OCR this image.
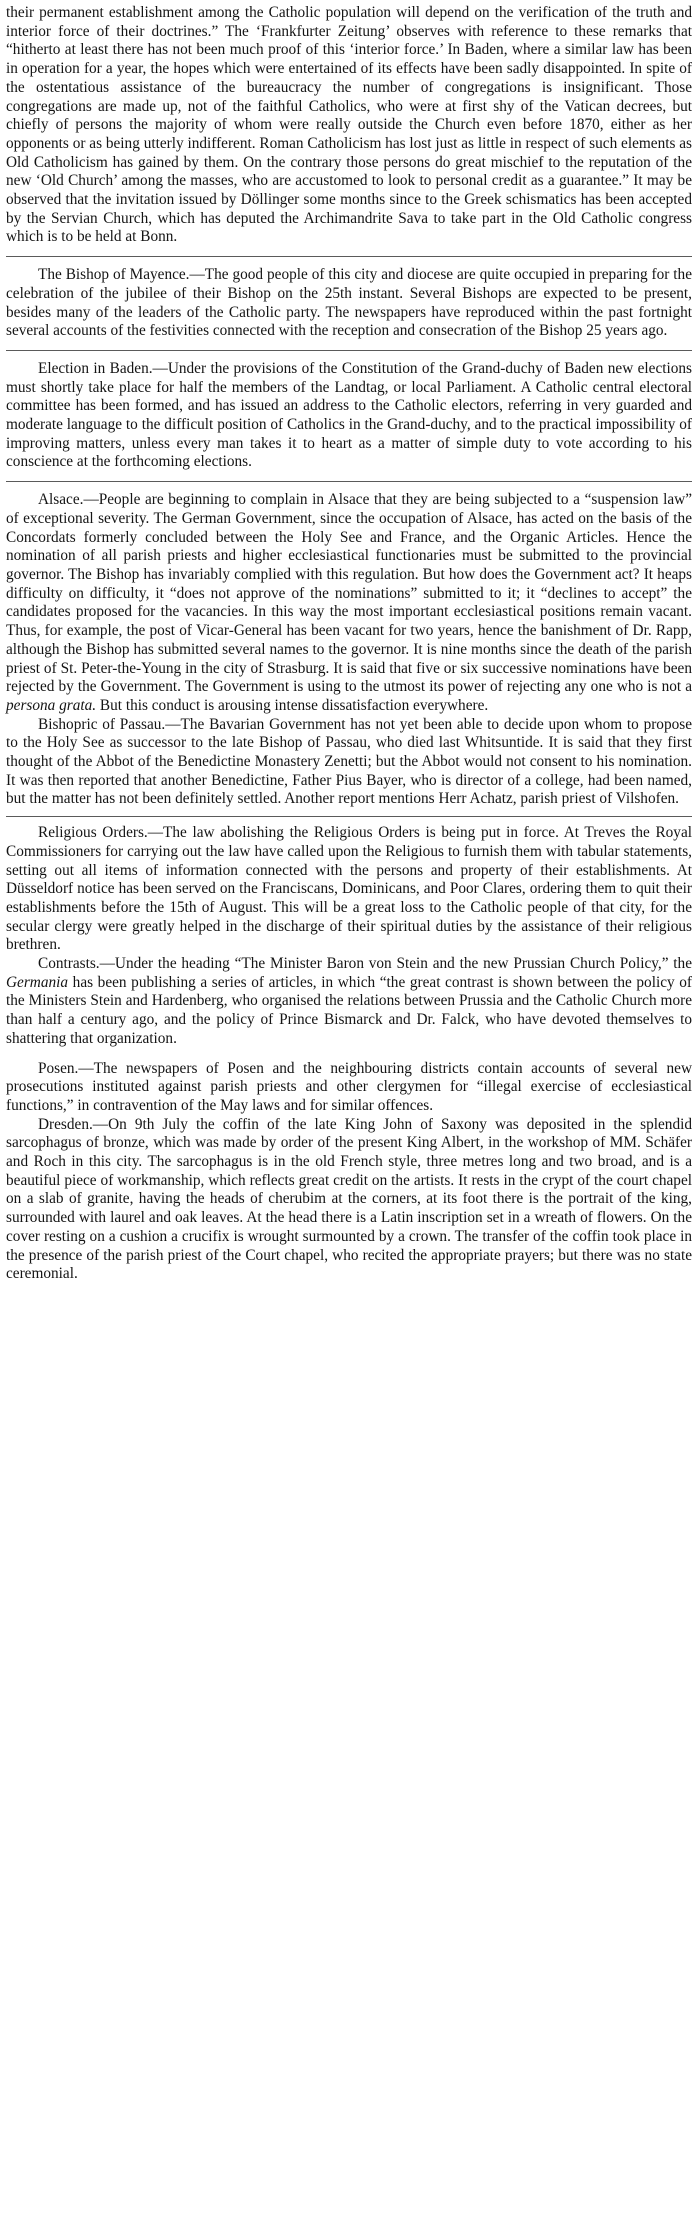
their permanent establishment among the Catholic population will depend on the verification of the truth and interior force of their doctrines.” The ‘Frankfurter Zeitung’ observes with reference to these remarks that “hitherto at least there has not been much proof of this ‘interior force.’ In Baden, where a similar law has been in operation for a year, the hopes which were entertained of its effects have been sadly disappointed. In spite of the ostentatious assistance of the bureaucracy the number of congregations is insignificant. Those congregations are made up, not of the faithful Catholics, who were at first shy of the Vatican decrees, but chiefly of persons the majority of whom were really outside the Church even before 1870, either as her opponents or as being utterly indifferent. Roman Catholicism has lost just as little in respect of such elements as Old Catholicism has gained by them. On the contrary those persons do great mischief to the reputation of the new ‘Old Church’ among the masses, who are accustomed to look to personal credit as a guarantee.” It may be observed that the invitation issued by Döllinger some months since to the Greek schismatics has been accepted by the Servian Church, which has deputed the Archimandrite Sava to take part in the Old Catholic congress which is to be held at Bonn.

The Bishop of Mayence.—The good people of this city and diocese are quite occupied in preparing for the celebration of the jubilee of their Bishop on the 25th instant. Several Bishops are expected to be present, besides many of the leaders of the Catholic party. The newspapers have reproduced within the past fortnight several accounts of the festivities connected with the reception and consecration of the Bishop 25 years ago.

Election in Baden.—Under the provisions of the Constitution of the Grand-duchy of Baden new elections must shortly take place for half the members of the Landtag, or local Parliament. A Catholic central electoral committee has been formed, and has issued an address to the Catholic electors, referring in very guarded and moderate language to the difficult position of Catholics in the Grand-duchy, and to the practical impossibility of improving matters, unless every man takes it to heart as a matter of simple duty to vote according to his conscience at the forthcoming elections.

Alsace.—People are beginning to complain in Alsace that they are being subjected to a “suspension law” of exceptional severity. The German Government, since the occupation of Alsace, has acted on the basis of the Concordats formerly concluded between the Holy See and France, and the Organic Articles. Hence the nomination of all parish priests and higher ecclesiastical functionaries must be submitted to the provincial governor. The Bishop has invariably complied with this regulation. But how does the Government act? It heaps difficulty on difficulty, it “does not approve of the nominations” submitted to it; it “declines to accept” the candidates proposed for the vacancies. In this way the most important ecclesiastical positions remain vacant. Thus, for example, the post of Vicar-General has been vacant for two years, hence the banishment of Dr. Rapp, although the Bishop has submitted several names to the governor. It is nine months since the death of the parish priest of St. Peter-the-Young in the city of Strasburg. It is said that five or six successive nominations have been rejected by the Government. The Government is using to the utmost its power of rejecting any one who is not a persona grata. But this conduct is arousing intense dissatisfaction everywhere.

Bishopric of Passau.—The Bavarian Government has not yet been able to decide upon whom to propose to the Holy See as successor to the late Bishop of Passau, who died last Whitsuntide. It is said that they first thought of the Abbot of the Benedictine Monastery Zenetti; but the Abbot would not consent to his nomination. It was then reported that another Benedictine, Father Pius Bayer, who is director of a college, had been named, but the matter has not been definitely settled. Another report mentions Herr Achatz, parish priest of Vilshofen.

Religious Orders.—The law abolishing the Religious Orders is being put in force. At Treves the Royal Commissioners for carrying out the law have called upon the Religious to furnish them with tabular statements, setting out all items of information connected with the persons and property of their establishments. At Düsseldorf notice has been served on the Franciscans, Dominicans, and Poor Clares, ordering them to quit their establishments before the 15th of August. This will be a great loss to the Catholic people of that city, for the secular clergy were greatly helped in the discharge of their spiritual duties by the assistance of their religious brethren.

Contrasts.—Under the heading “The Minister Baron von Stein and the new Prussian Church Policy,” the Germania has been publishing a series of articles, in which “the great contrast is shown between the policy of the Ministers Stein and Hardenberg, who organised the relations between Prussia and the Catholic Church more than half a century ago, and the policy of Prince Bismarck and Dr. Falck, who have devoted themselves to shattering that organization.

Posen.—The newspapers of Posen and the neighbouring districts contain accounts of several new prosecutions instituted against parish priests and other clergymen for “illegal exercise of ecclesiastical functions,” in contravention of the May laws and for similar offences.

Dresden.—On 9th July the coffin of the late King John of Saxony was deposited in the splendid sarcophagus of bronze, which was made by order of the present King Albert, in the workshop of MM. Schäfer and Roch in this city. The sarcophagus is in the old French style, three metres long and two broad, and is a beautiful piece of workmanship, which reflects great credit on the artists. It rests in the crypt of the court chapel on a slab of granite, having the heads of cherubim at the corners, at its foot there is the portrait of the king, surrounded with laurel and oak leaves. At the head there is a Latin inscription set in a wreath of flowers. On the cover resting on a cushion a crucifix is wrought surmounted by a crown. The transfer of the coffin took place in the presence of the parish priest of the Court chapel, who recited the appropriate prayers; but there was no state ceremonial.
